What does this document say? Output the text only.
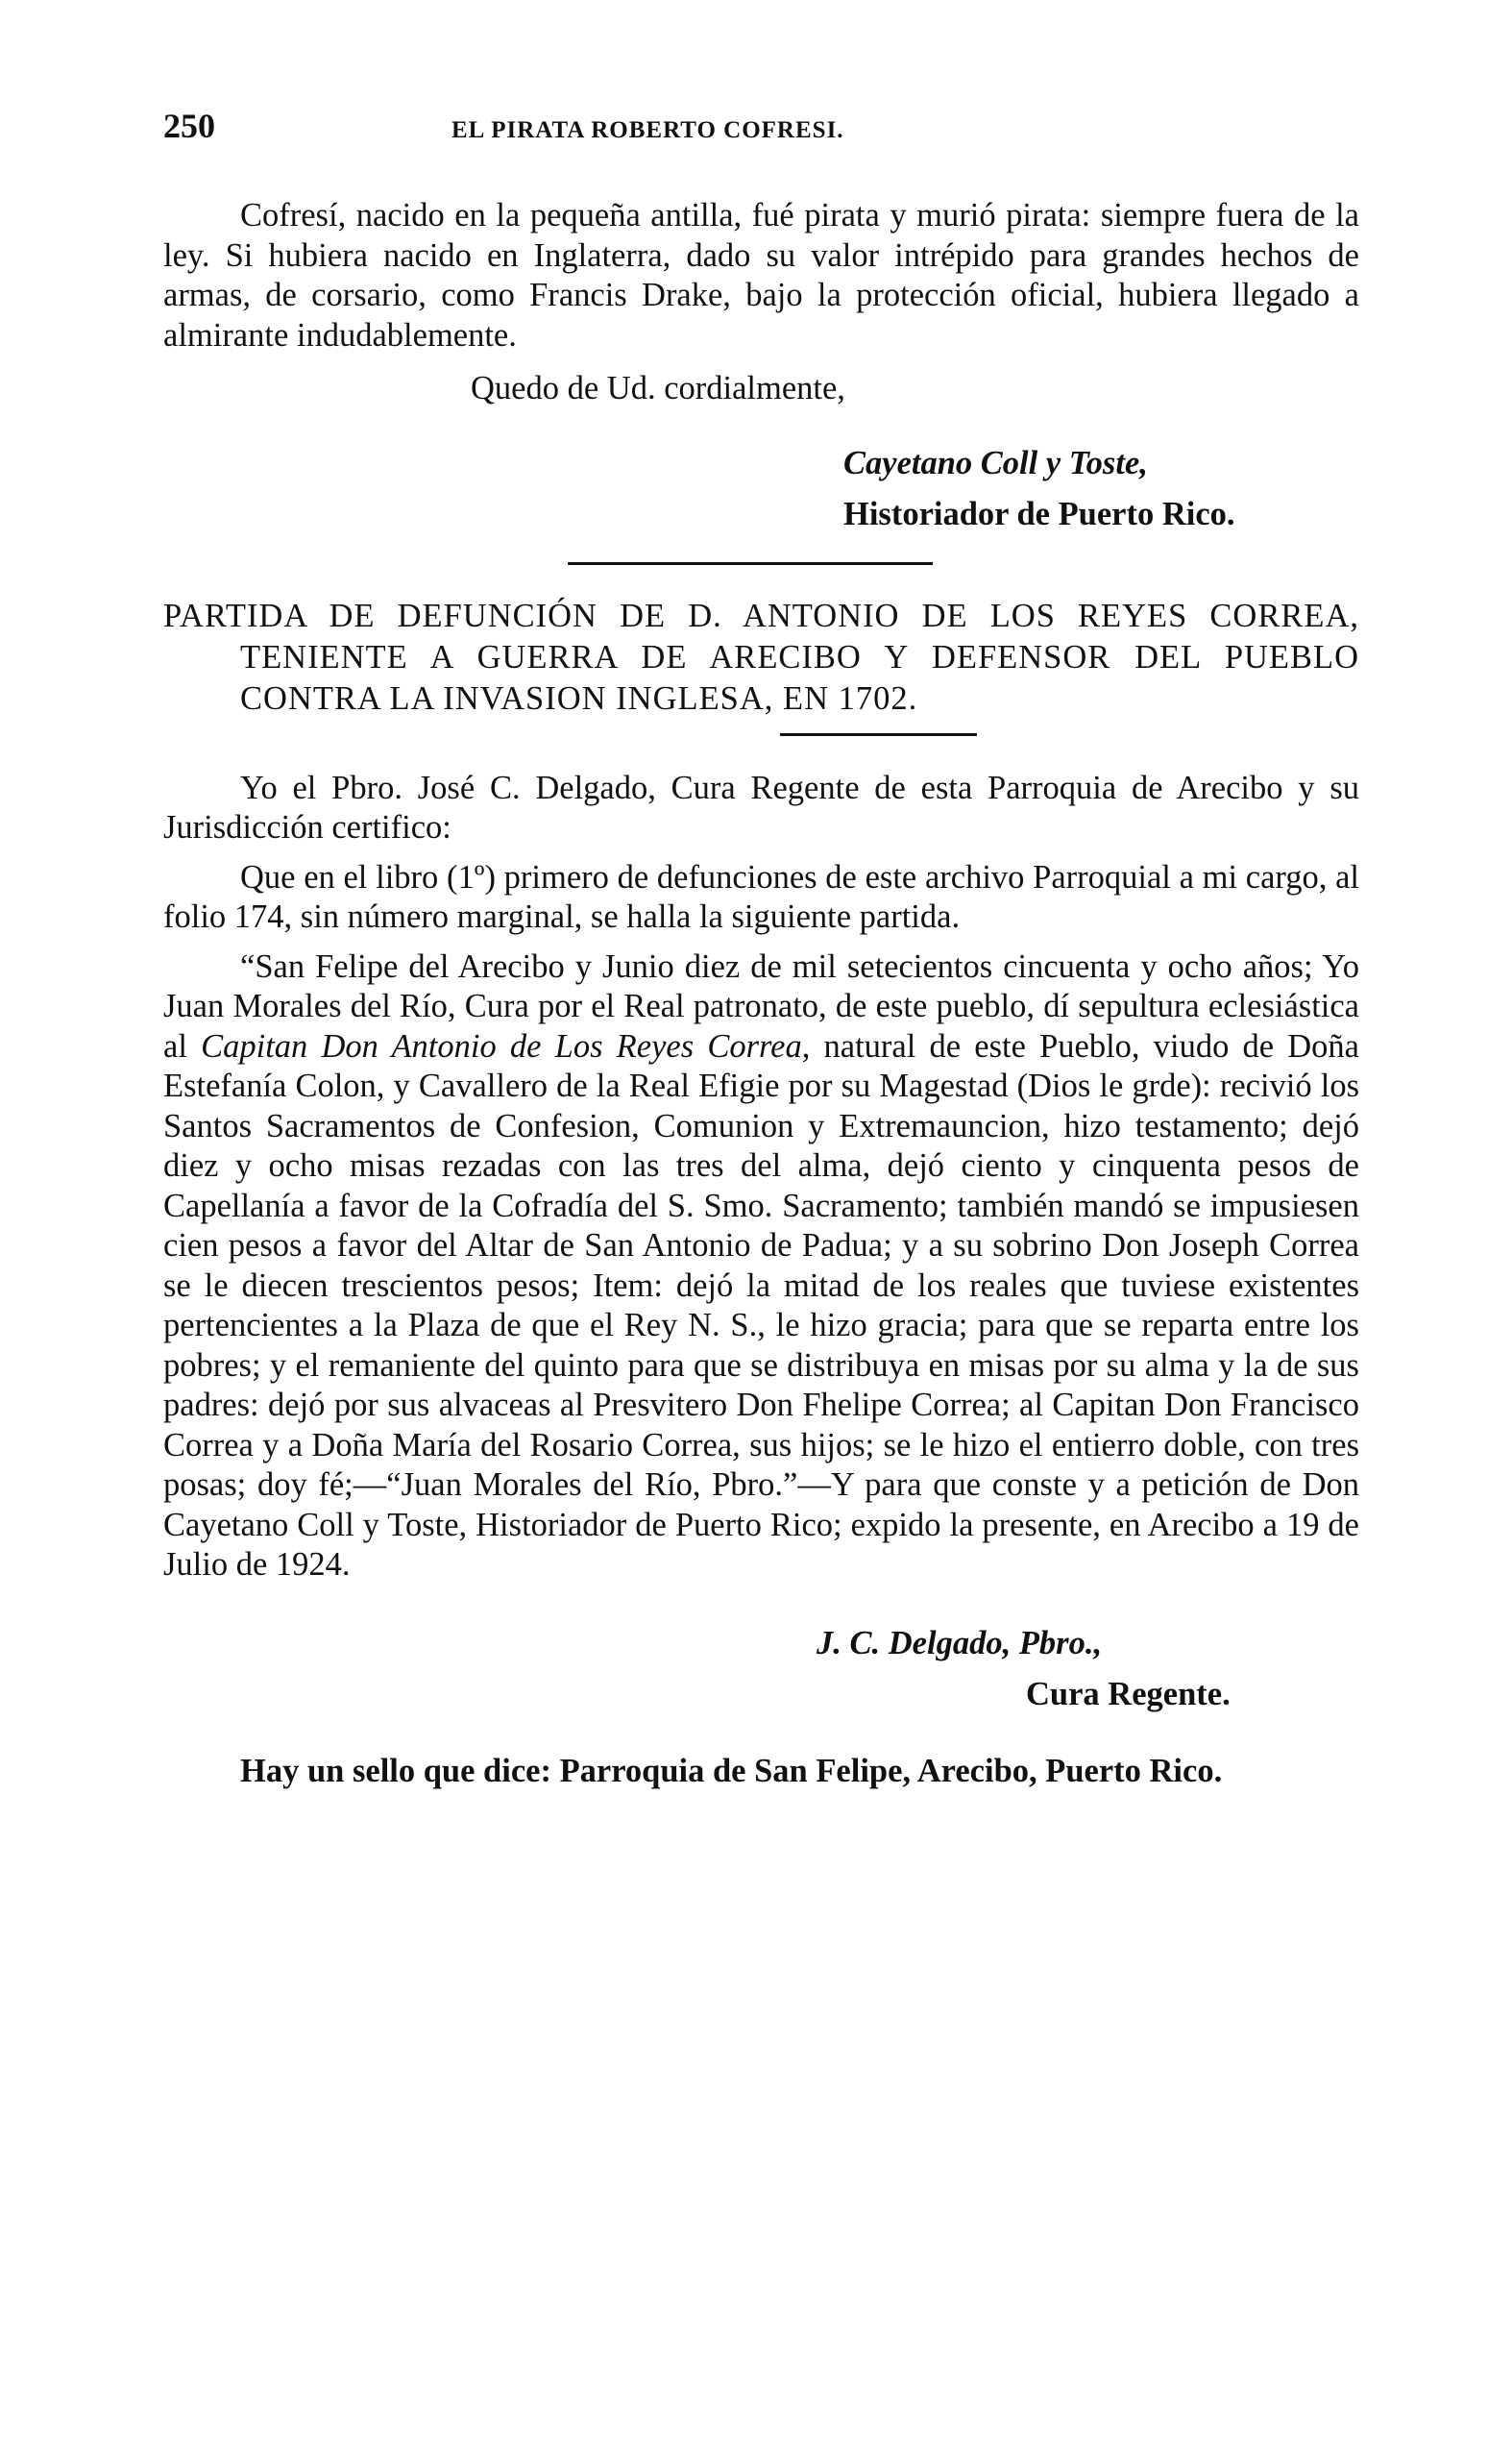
250	EL PIRATA ROBERTO COFRESI.

Cofresí, nacido en la pequeña antilla, fué pirata y murió pirata: siempre fuera de la ley. Si hubiera nacido en Inglaterra, dado su valor intrépido para grandes hechos de armas, de corsario, como Francis Drake, bajo la protección oficial, hubiera llegado a almirante indudablemente.

Quedo de Ud. cordialmente,

Cayetano Coll y Toste,

Historiador de Puerto Rico.

PARTIDA DE DEFUNCIÓN DE D. ANTONIO DE LOS REYES CORREA, TENIENTE A GUERRA DE ARECIBO Y DEFENSOR DEL PUEBLO CONTRA LA INVASION INGLESA, EN 1702.

Yo el Pbro. José C. Delgado, Cura Regente de esta Parroquia de Arecibo y su Jurisdicción certifico:

Que en el libro (1º) primero de defunciones de este archivo Parroquial a mi cargo, al folio 174, sin número marginal, se halla la siguiente partida.

“San Felipe del Arecibo y Junio diez de mil setecientos cincuenta y ocho años; Yo Juan Morales del Río, Cura por el Real patronato, de este pueblo, dí sepultura eclesiástica al Capitan Don Antonio de Los Reyes Correa, natural de este Pueblo, viudo de Doña Estefanía Colon, y Cavallero de la Real Efigie por su Magestad (Dios le grde): recivió los Santos Sacramentos de Confesion, Comunion y Extremauncion, hizo testamento; dejó diez y ocho misas rezadas con las tres del alma, dejó ciento y cinquenta pesos de Capellanía a favor de la Cofradía del S. Smo. Sacramento; también mandó se impusiesen cien pesos a favor del Altar de San Antonio de Padua; y a su sobrino Don Joseph Correa se le diecen trescientos pesos; Item: dejó la mitad de los reales que tuviese existentes pertencientes a la Plaza de que el Rey N. S., le hizo gracia; para que se reparta entre los pobres; y el remaniente del quinto para que se distribuya en misas por su alma y la de sus padres: dejó por sus alvaceas al Presvitero Don Fhelipe Correa; al Capitan Don Francisco Correa y a Doña María del Rosario Correa, sus hijos; se le hizo el entierro doble, con tres posas; doy fé;—“Juan Morales del Río, Pbro.”—Y para que conste y a petición de Don Cayetano Coll y Toste, Historiador de Puerto Rico; expido la presente, en Arecibo a 19 de Julio de 1924.

J. C. Delgado, Pbro.,

Cura Regente.

Hay un sello que dice: Parroquia de San Felipe, Arecibo, Puerto Rico.
